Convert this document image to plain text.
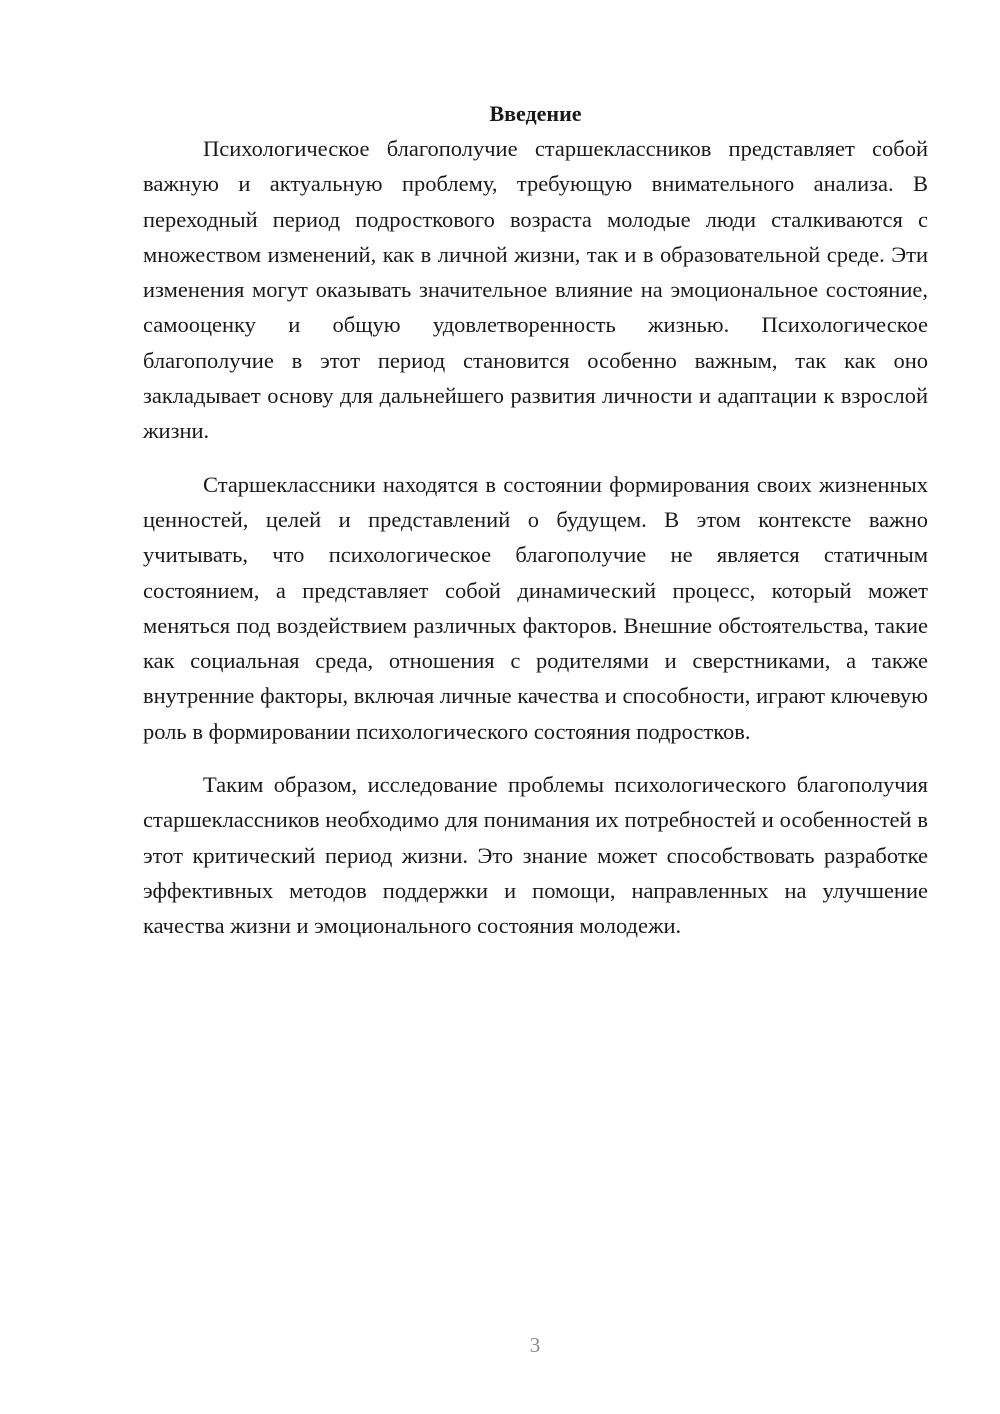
Введение

Психологическое благополучие старшеклассников представляет собой важную и актуальную проблему, требующую внимательного анализа. В переходный период подросткового возраста молодые люди сталкиваются с множеством изменений, как в личной жизни, так и в образовательной среде. Эти изменения могут оказывать значительное влияние на эмоциональное состояние, самооценку и общую удовлетворенность жизнью. Психологическое благополучие в этот период становится особенно важным, так как оно закладывает основу для дальнейшего развития личности и адаптации к взрослой жизни.

Старшеклассники находятся в состоянии формирования своих жизненных ценностей, целей и представлений о будущем. В этом контексте важно учитывать, что психологическое благополучие не является статичным состоянием, а представляет собой динамический процесс, который может меняться под воздействием различных факторов. Внешние обстоятельства, такие как социальная среда, отношения с родителями и сверстниками, а также внутренние факторы, включая личные качества и способности, играют ключевую роль в формировании психологического состояния подростков.

Таким образом, исследование проблемы психологического благополучия старшеклассников необходимо для понимания их потребностей и особенностей в этот критический период жизни. Это знание может способствовать разработке эффективных методов поддержки и помощи, направленных на улучшение качества жизни и эмоционального состояния молодежи.

3
